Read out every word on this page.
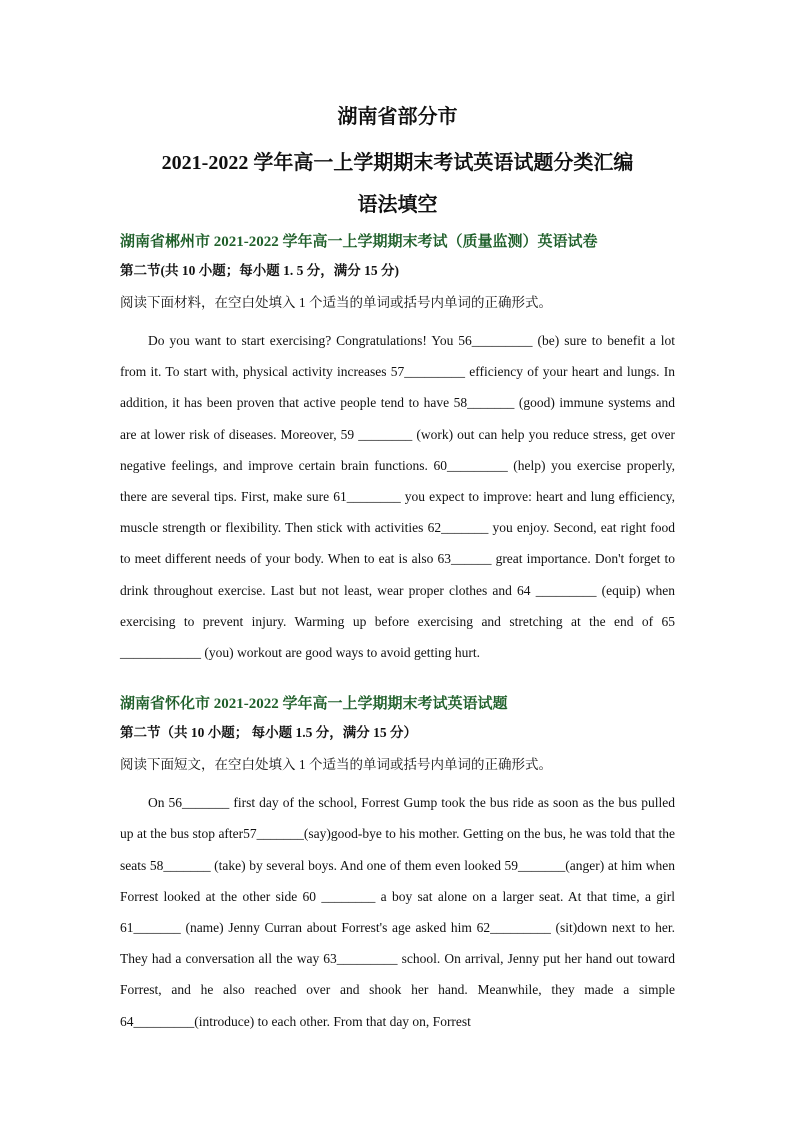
湖南省部分市

2021-2022 学年高一上学期期末考试英语试题分类汇编

语法填空

湖南省郴州市 2021-2022 学年高一上学期期末考试（质量监测）英语试卷

第二节(共 10 小题；每小题 1. 5 分，满分 15 分)

阅读下面材料，在空白处填入 1 个适当的单词或括号内单词的正确形式。

Do you want to start exercising? Congratulations! You 56_________ (be) sure to benefit a lot from it. To start with, physical activity increases 57_________ efficiency of your heart and lungs. In addition, it has been proven that active people tend to have 58_______ (good) immune systems and are at lower risk of diseases. Moreover, 59 ________ (work) out can help you reduce stress, get over negative feelings, and improve certain brain functions. 60_________ (help) you exercise properly, there are several tips. First, make sure 61________ you expect to improve: heart and lung efficiency, muscle strength or flexibility. Then stick with activities 62_______ you enjoy. Second, eat right food to meet different needs of your body. When to eat is also 63______ great importance. Don't forget to drink throughout exercise. Last but not least, wear proper clothes and 64 _________ (equip) when exercising to prevent injury. Warming up before exercising and stretching at the end of 65 ____________ (you) workout are good ways to avoid getting hurt.

湖南省怀化市 2021-2022 学年高一上学期期末考试英语试题

第二节（共 10 小题； 每小题 1.5 分，满分 15 分）

阅读下面短文，在空白处填入 1 个适当的单词或括号内单词的正确形式。

On 56_______ first day of the school, Forrest Gump took the bus ride as soon as the bus pulled up at the bus stop after57_______(say)good-bye to his mother. Getting on the bus, he was told that the seats 58_______ (take) by several boys. And one of them even looked 59_______(anger) at him when Forrest looked at the other side 60 ________ a boy sat alone on a larger seat. At that time, a girl 61_______ (name) Jenny Curran about Forrest's age asked him 62_________ (sit)down next to her. They had a conversation all the way 63_________ school. On arrival, Jenny put her hand out toward Forrest, and he also reached over and shook her hand. Meanwhile, they made a simple 64_________(introduce) to each other. From that day on, Forrest
